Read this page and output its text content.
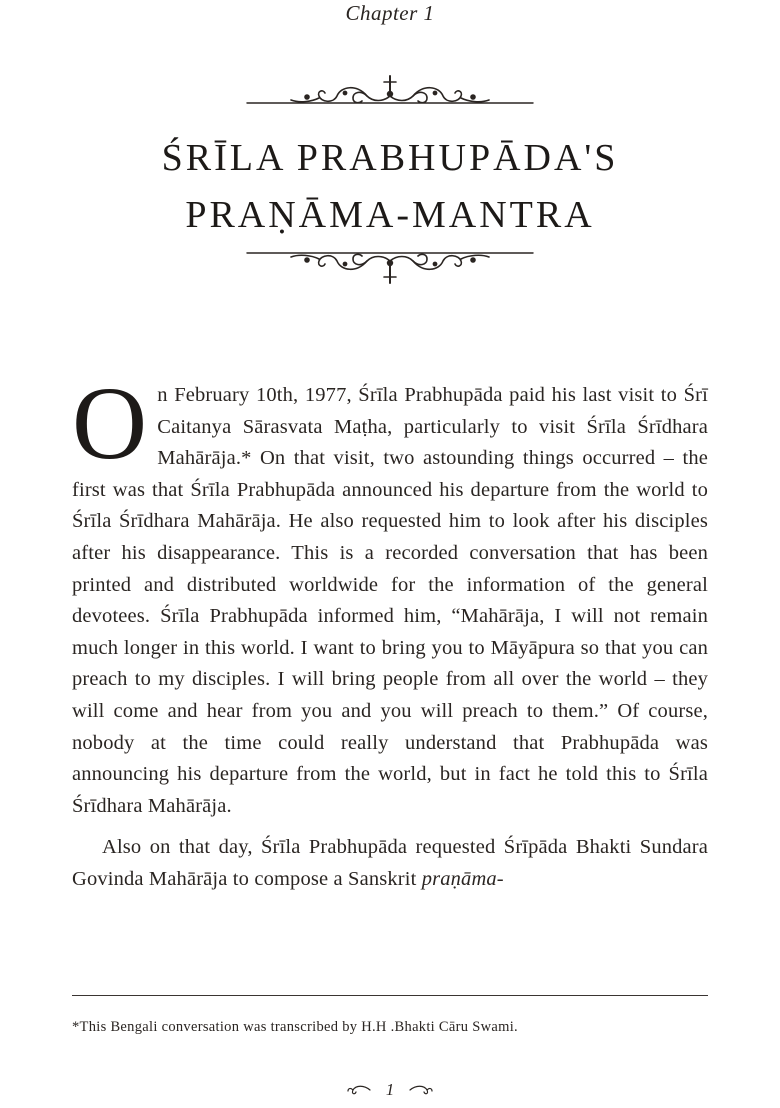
Chapter 1
ŚRĪLA PRABHUPĀDA'S
PRAṆĀMA-MANTRA

On February 10th, 1977, Śrīla Prabhupāda paid his last visit to Śrī Caitanya Sārasvata Maṭha, particularly to visit Śrīla Śrīdhara Mahārāja.* On that visit, two astounding things occurred – the first was that Śrīla Prabhupāda announced his departure from the world to Śrīla Śrīdhara Mahārāja. He also requested him to look after his disciples after his disappearance. This is a recorded conversation that has been printed and distributed worldwide for the information of the general devotees. Śrīla Prabhupāda informed him, “Mahārāja, I will not remain much longer in this world. I want to bring you to Māyāpura so that you can preach to my disciples. I will bring people from all over the world – they will come and hear from you and you will preach to them.” Of course, nobody at the time could really understand that Prabhupāda was announcing his departure from the world, but in fact he told this to Śrīla Śrīdhara Mahārāja.

Also on that day, Śrīla Prabhupāda requested Śrīpāda Bhakti Sundara Govinda Mahārāja to compose a Sanskrit praṇāma-

*This Bengali conversation was transcribed by H.H .Bhakti Cāru Swami.
1
